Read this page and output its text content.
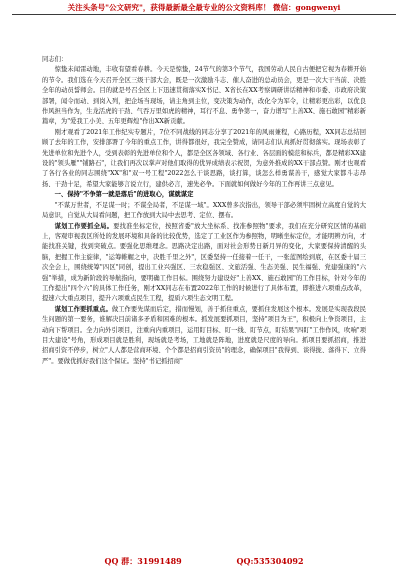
关注头条号"公文研究"，获得最新最全最专业的公文资料库！ 微信：gongwenyi

同志们：

惊蛰未闻雷动地，丰收有望看春耕。今天是惊蛰，24节气的第3个节气，我国劳动人民自古便把它视为春耕开始的节令。我们选在今天召开全区三级干部大会，既是一次激励斗志、催人奋进的总动员会，更是一次大干当前、决胜全年的动员誓师会。目的就是号召全区上下迅速贯彻落实X书记、X省长在XX考察调研讲话精神和市委、市政府决策部署，闻令而动、到岗入列，把企场当现场，请主角到主位，变决策为动作，改化令为军令，让精彩更出彩，以优良作风担当作为，生龙活虎的干劲、气吞万里如虎的精神，耳行不息、勇争第一，奋力谱写"上善XX、施石敢园"精彩新篇章，为"爱我工小美、五年更辉煌"作出XX新贡献。

刚才观看了2021年工作纪实专题片，7位不同战线的同志分享了2021年的风雨兼程，心路历程，XX同志总结回顾了去年的工作，安排部署了今年的重点工作，讲得都很好，我完全赞成，请同志们认真抓好贯彻落实。现场表彰了先进单位和先进个人，受到表彰的先进单位和个人，都是全区各领域、各行业、各层面的模范和标兵，都是精彩XX建设的"领头雁""铺路石"，让我们再次以掌声对他们取得的优异成绩表示祝贺，为意外推成的XX干部点赞。刚才也观看了各行各业的同志围绕"XX"和"双一号工程"2022怎么干谈思路，谈打算，谈怎么样勇谋善干，感觉大家都斗志昂扬、干劲十足，希望大家能够言说立行，建供必言，速先必争。下面就如何做好今年的工作再讲三点意见。

一、保持"不争第一就是落后"的进取心，谋就谋定

"不谋万世者，不足谋一时；不谋全局者，不足谋一域"。XXX曾多次指出，领导干部必须牢固树立高度自觉的大局意识，自觉从大局看问题，把工作放到大局中去思考、定位、摆布。

谋划工作要抓全局。要找准坐标定位，按照省委"放大坐标系、找准参照物"要求，我们在充分研究区情的基础上，客观审视我区所处的发展环境和具备的比较优势，选定了工业区作为参照物，明晰坐标定位，才能明辨方向，才能找准关键，找到突破点。要强化思维理念。思路决定出路，面对社会形势日新月异的变化，大家要保持清醒的头脑，把握工作主旋律，"运筹帷幄之中，决胜千里之外"，区委坚持一任接着一任干，一张蓝图绘到底，在区委十届三次全会上，围绕统筹"四区"同创，提出工业兴强区、三农稳强区、文旅活强、生态美强、民生福强、党建强康的"六强"举措，成为新阶段的导航指向，要明确工作目标。围绕努力建设好"上善XX、施石敢园"的工作目标，针对今年的工作提出"四个六"的具体工作任务，刚才XX同志在布置2022年工作的时候进行了具体布置，即推进六项重点改革，提速六大重点项目，提升六项重点民生工程，提质六项生态文明工程。

谋划工作要抓重点。做工作要先谋而后定，措而慢划，善于抓住重点，要抓住发展这个根本。发展是实现我段民生问题的第一要务，谁解决目前诸多矛盾和困难的根本。抓发展要抓项目，坚持"项目为王"，积极向上争资项目，主动向下帮项目。全力向外引项目，注重向内重项目，运用盯目标、盯一线、盯节点，盯结果"四盯"工作作风，吹响"项目大建设"号角，形成项目就是胜利，现场就是考场，工地就是阵地，进度就是尺度的导向。抓项目要抓招商，推进招商引资不停步，树立"人人都是营商环境、个个都是招商引资员"的理念，确保项目"我得到、谈得拢、落得下、立得严"。要做优抓好我们这个保证。坚持"书记抓招商"

QQ 群：31991489	QQ:535304092
